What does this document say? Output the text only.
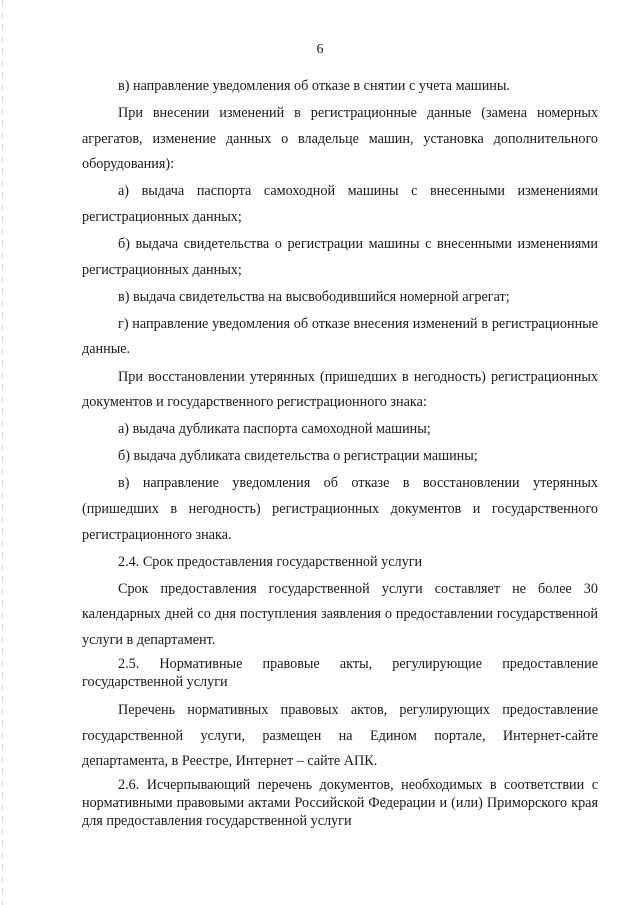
6

в) направление уведомления об отказе в снятии с учета машины.

При внесении изменений в регистрационные данные (замена номерных агрегатов, изменение данных о владельце машин, установка дополнительного оборудования):

а) выдача паспорта самоходной машины с внесенными изменениями регистрационных данных;

б) выдача свидетельства о регистрации машины с внесенными изменениями регистрационных данных;

в) выдача свидетельства на высвободившийся номерной агрегат;

г) направление уведомления об отказе внесения изменений в регистрационные данные.

При восстановлении утерянных (пришедших в негодность) регистрационных документов и государственного регистрационного знака:

а) выдача дубликата паспорта самоходной машины;

б) выдача дубликата свидетельства о регистрации машины;

в) направление уведомления об отказе в восстановлении утерянных (пришедших в негодность) регистрационных документов и государственного регистрационного знака.

2.4. Срок предоставления государственной услуги

Срок предоставления государственной услуги составляет не более 30 календарных дней со дня поступления заявления о предоставлении государственной услуги в департамент.

2.5. Нормативные правовые акты, регулирующие предоставление государственной услуги

Перечень нормативных правовых актов, регулирующих предоставление государственной услуги, размещен на Едином портале, Интернет-сайте департамента, в Реестре, Интернет – сайте АПК.

2.6. Исчерпывающий перечень документов, необходимых в соответствии с нормативными правовыми актами Российской Федерации и (или) Приморского края для предоставления государственной услуги
